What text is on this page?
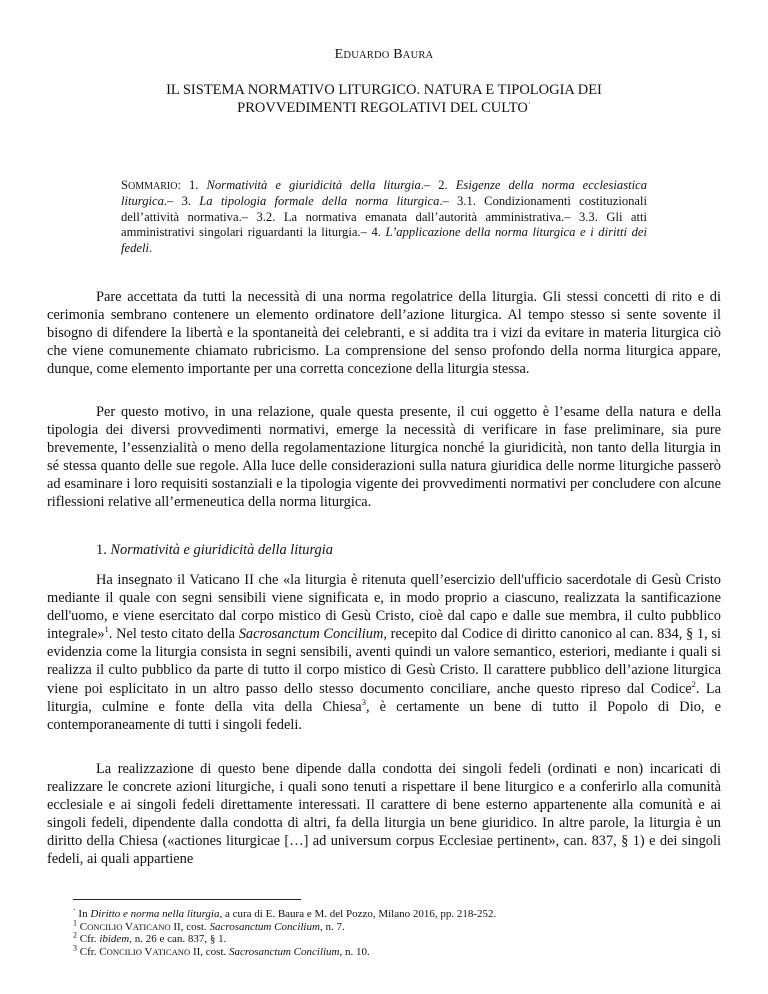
EDUARDO BAURA
IL SISTEMA NORMATIVO LITURGICO. NATURA E TIPOLOGIA DEI
PROVVEDIMENTI REGOLATIVI DEL CULTO·
SOMMARIO: 1. Normatività e giuridicità della liturgia.– 2. Esigenze della norma ecclesiastica liturgica.– 3. La tipologia formale della norma liturgica.– 3.1. Condizionamenti costituzionali dell’attività normativa.– 3.2. La normativa emanata dall’autorità amministrativa.– 3.3. Gli atti amministrativi singolari riguardanti la liturgia.– 4. L’applicazione della norma liturgica e i diritti dei fedeli.

Pare accettata da tutti la necessità di una norma regolatrice della liturgia. Gli stessi concetti di rito e di cerimonia sembrano contenere un elemento ordinatore dell’azione liturgica. Al tempo stesso si sente sovente il bisogno di difendere la libertà e la spontaneità dei celebranti, e si addita tra i vizi da evitare in materia liturgica ciò che viene comunemente chiamato rubricismo. La comprensione del senso profondo della norma liturgica appare, dunque, come elemento importante per una corretta concezione della liturgia stessa.

Per questo motivo, in una relazione, quale questa presente, il cui oggetto è l’esame della natura e della tipologia dei diversi provvedimenti normativi, emerge la necessità di verificare in fase preliminare, sia pure brevemente, l’essenzialità o meno della regolamentazione liturgica nonché la giuridicità, non tanto della liturgia in sé stessa quanto delle sue regole. Alla luce delle considerazioni sulla natura giuridica delle norme liturgiche passerò ad esaminare i loro requisiti sostanziali e la tipologia vigente dei provvedimenti normativi per concludere con alcune riflessioni relative all’ermeneutica della norma liturgica.

1. Normatività e giuridicità della liturgia

Ha insegnato il Vaticano II che «la liturgia è ritenuta quell’esercizio dell'ufficio sacerdotale di Gesù Cristo mediante il quale con segni sensibili viene significata e, in modo proprio a ciascuno, realizzata la santificazione dell'uomo, e viene esercitato dal corpo mistico di Gesù Cristo, cioè dal capo e dalle sue membra, il culto pubblico integrale»$^1$. Nel testo citato della Sacrosanctum Concilium, recepito dal Codice di diritto canonico al can. 834, § 1, si evidenzia come la liturgia consista in segni sensibili, aventi quindi un valore semantico, esteriori, mediante i quali si realizza il culto pubblico da parte di tutto il corpo mistico di Gesù Cristo. Il carattere pubblico dell’azione liturgica viene poi esplicitato in un altro passo dello stesso documento conciliare, anche questo ripreso dal Codice$^2$. La liturgia, culmine e fonte della vita della Chiesa$^3$, è certamente un bene di tutto il Popolo di Dio, e contemporaneamente di tutti i singoli fedeli.

La realizzazione di questo bene dipende dalla condotta dei singoli fedeli (ordinati e non) incaricati di realizzare le concrete azioni liturgiche, i quali sono tenuti a rispettare il bene liturgico e a conferirlo alla comunità ecclesiale e ai singoli fedeli direttamente interessati. Il carattere di bene esterno appartenente alla comunità e ai singoli fedeli, dipendente dalla condotta di altri, fa della liturgia un bene giuridico. In altre parole, la liturgia è un diritto della Chiesa («actiones liturgicae […] ad universum corpus Ecclesiae pertinent», can. 837, § 1) e dei singoli fedeli, ai quali appartiene

· In Diritto e norma nella liturgia, a cura di E. Baura e M. del Pozzo, Milano 2016, pp. 218-252.
$^1$ CONCILIO VATICANO II, cost. Sacrosanctum Concilium, n. 7.
$^2$ Cfr. ibidem, n. 26 e can. 837, § 1.
$^3$ Cfr. CONCILIO VATICANO II, cost. Sacrosanctum Concilium, n. 10.
